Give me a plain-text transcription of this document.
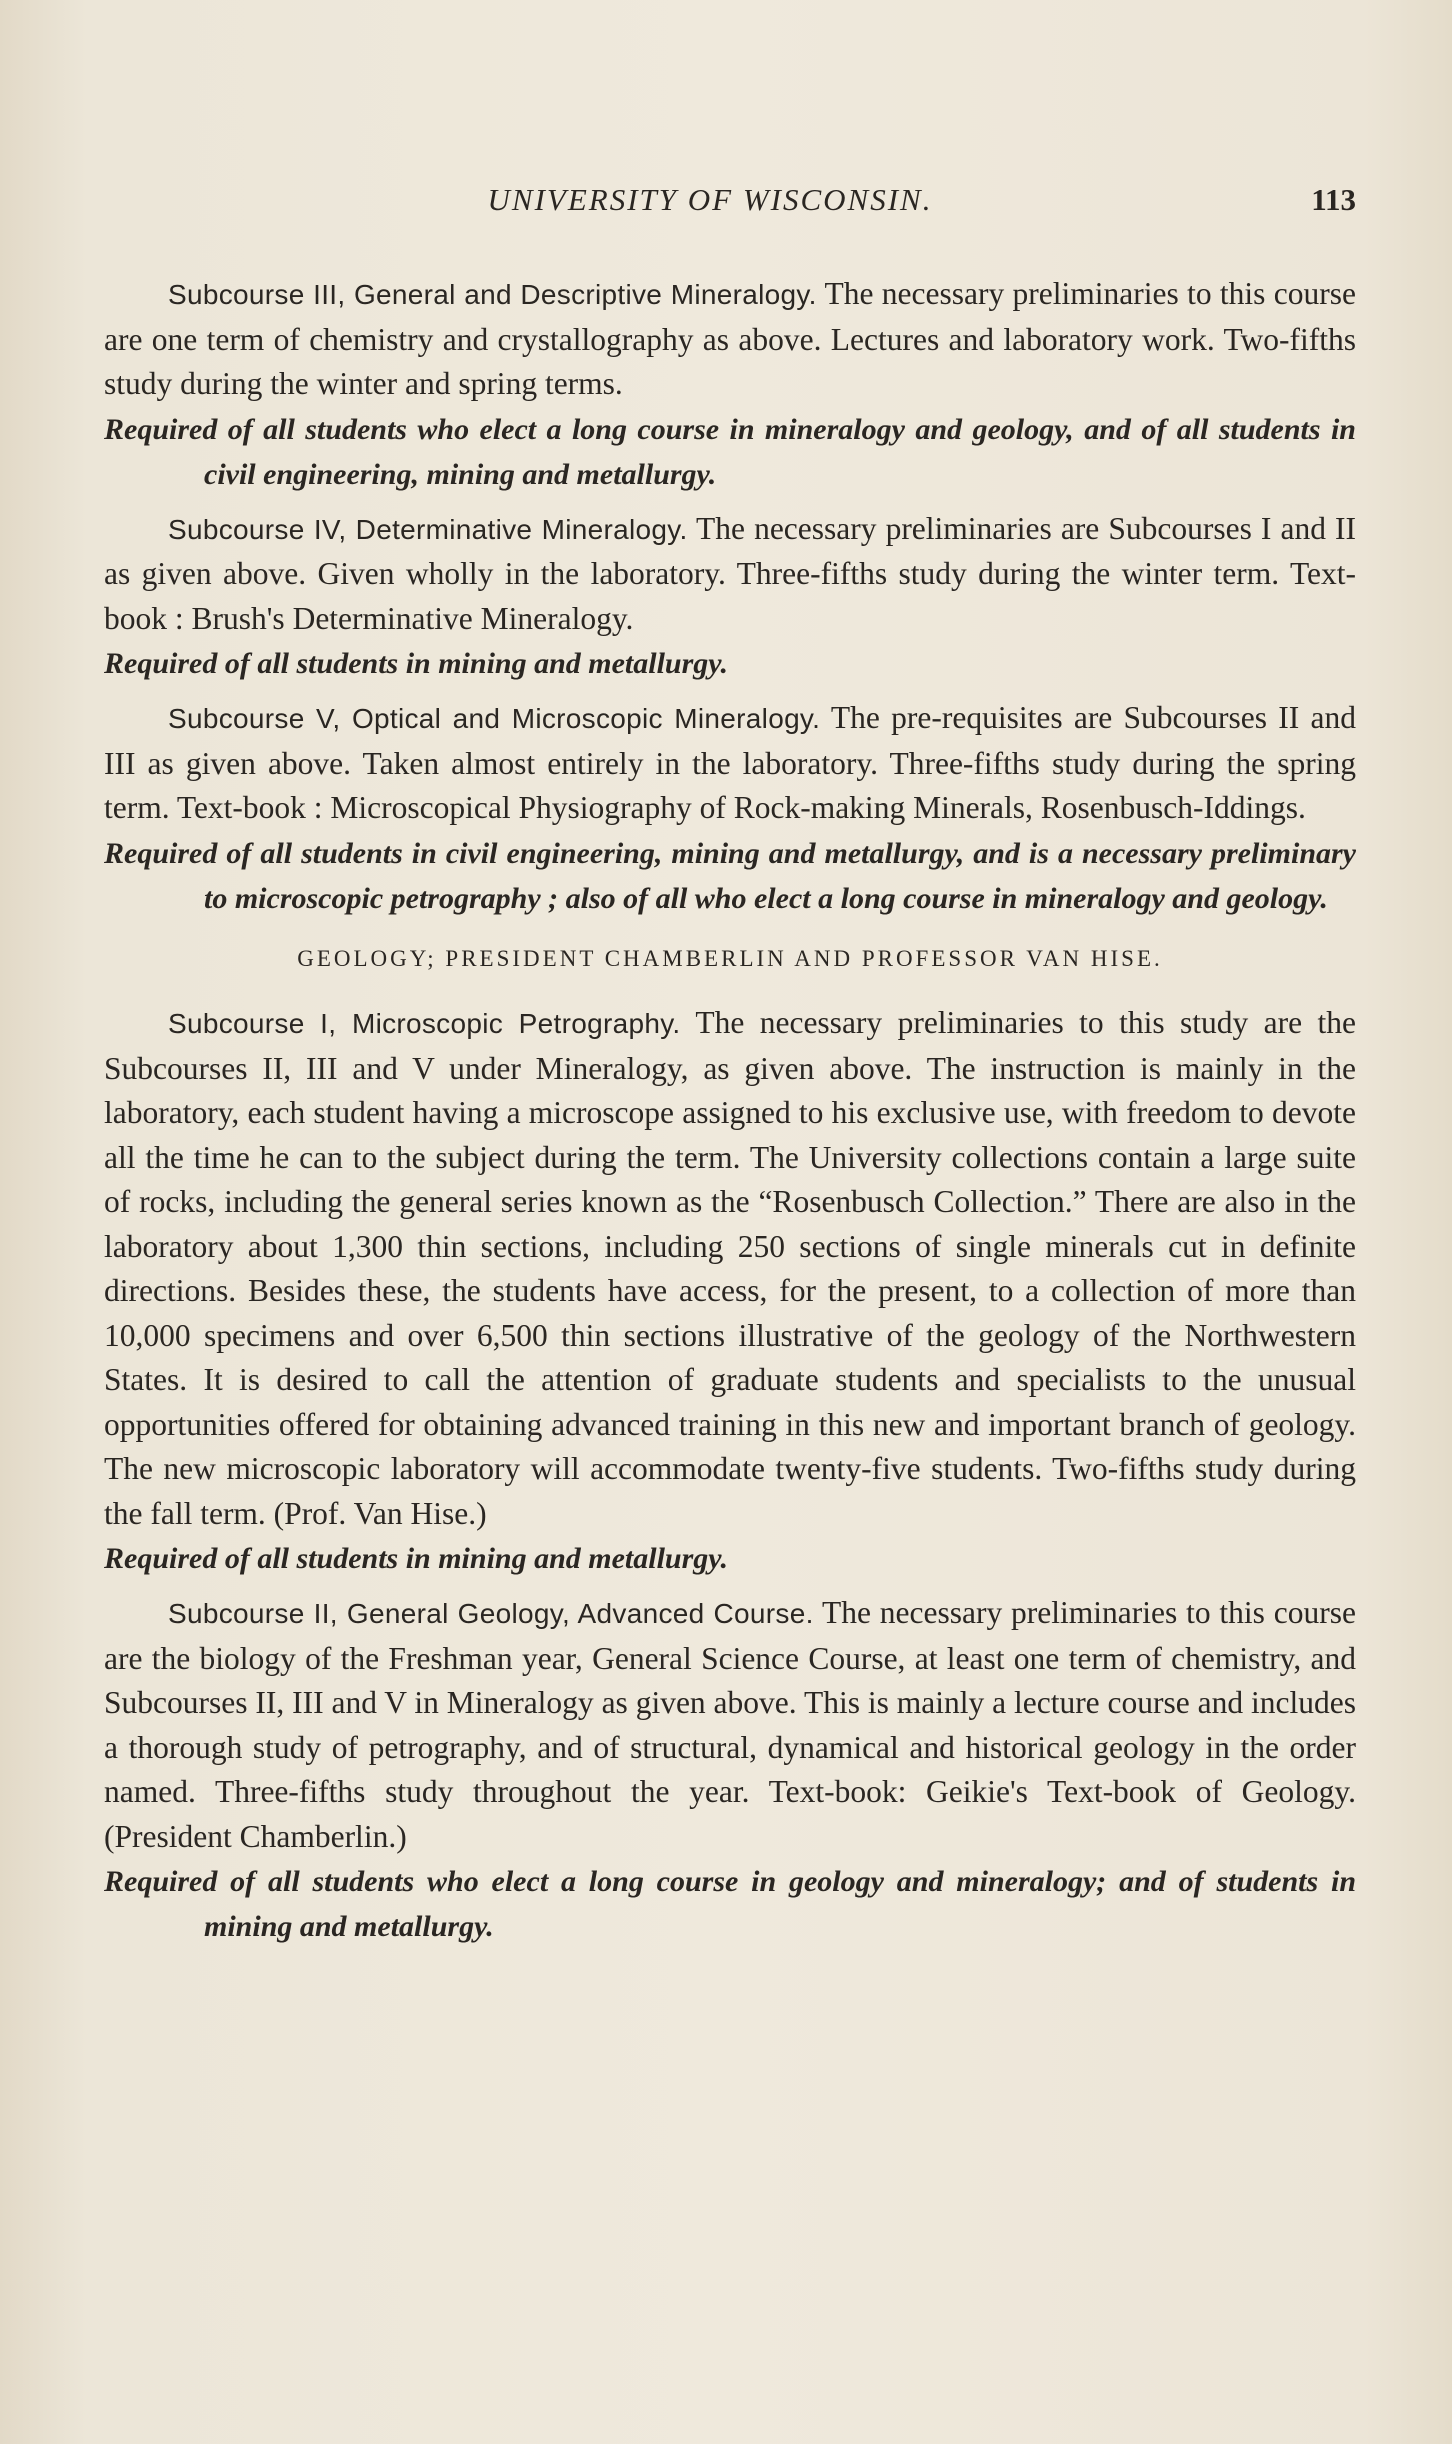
UNIVERSITY OF WISCONSIN.	113

Subcourse III, General and Descriptive Mineralogy. The necessary preliminaries to this course are one term of chemistry and crystallography as above. Lectures and laboratory work. Two-fifths study during the winter and spring terms.

Required of all students who elect a long course in mineralogy and geology, and of all students in civil engineering, mining and metallurgy.

Subcourse IV, Determinative Mineralogy. The necessary preliminaries are Subcourses I and II as given above. Given wholly in the laboratory. Three-fifths study during the winter term. Text-book : Brush's Determinative Mineralogy.

Required of all students in mining and metallurgy.

Subcourse V, Optical and Microscopic Mineralogy. The pre-requisites are Subcourses II and III as given above. Taken almost entirely in the laboratory. Three-fifths study during the spring term. Text-book : Microscopical Physiography of Rock-making Minerals, Rosenbusch-Iddings.

Required of all students in civil engineering, mining and metallurgy, and is a necessary preliminary to microscopic petrography ; also of all who elect a long course in mineralogy and geology.

GEOLOGY; PRESIDENT CHAMBERLIN AND PROFESSOR VAN HISE.

Subcourse I, Microscopic Petrography. The necessary preliminaries to this study are the Subcourses II, III and V under Mineralogy, as given above. The instruction is mainly in the laboratory, each student having a microscope assigned to his exclusive use, with freedom to devote all the time he can to the subject during the term. The University collections contain a large suite of rocks, including the general series known as the “Rosenbusch Collection.” There are also in the laboratory about 1,300 thin sections, including 250 sections of single minerals cut in definite directions. Besides these, the students have access, for the present, to a collection of more than 10,000 specimens and over 6,500 thin sections illustrative of the geology of the Northwestern States. It is desired to call the attention of graduate students and specialists to the unusual opportunities offered for obtaining advanced training in this new and important branch of geology. The new microscopic laboratory will accommodate twenty-five students. Two-fifths study during the fall term. (Prof. Van Hise.)

Required of all students in mining and metallurgy.

Subcourse II, General Geology, Advanced Course. The necessary preliminaries to this course are the biology of the Freshman year, General Science Course, at least one term of chemistry, and Subcourses II, III and V in Mineralogy as given above. This is mainly a lecture course and includes a thorough study of petrography, and of structural, dynamical and historical geology in the order named. Three-fifths study throughout the year. Text-book: Geikie's Text-book of Geology. (President Chamberlin.)

Required of all students who elect a long course in geology and mineralogy; and of students in mining and metallurgy.
